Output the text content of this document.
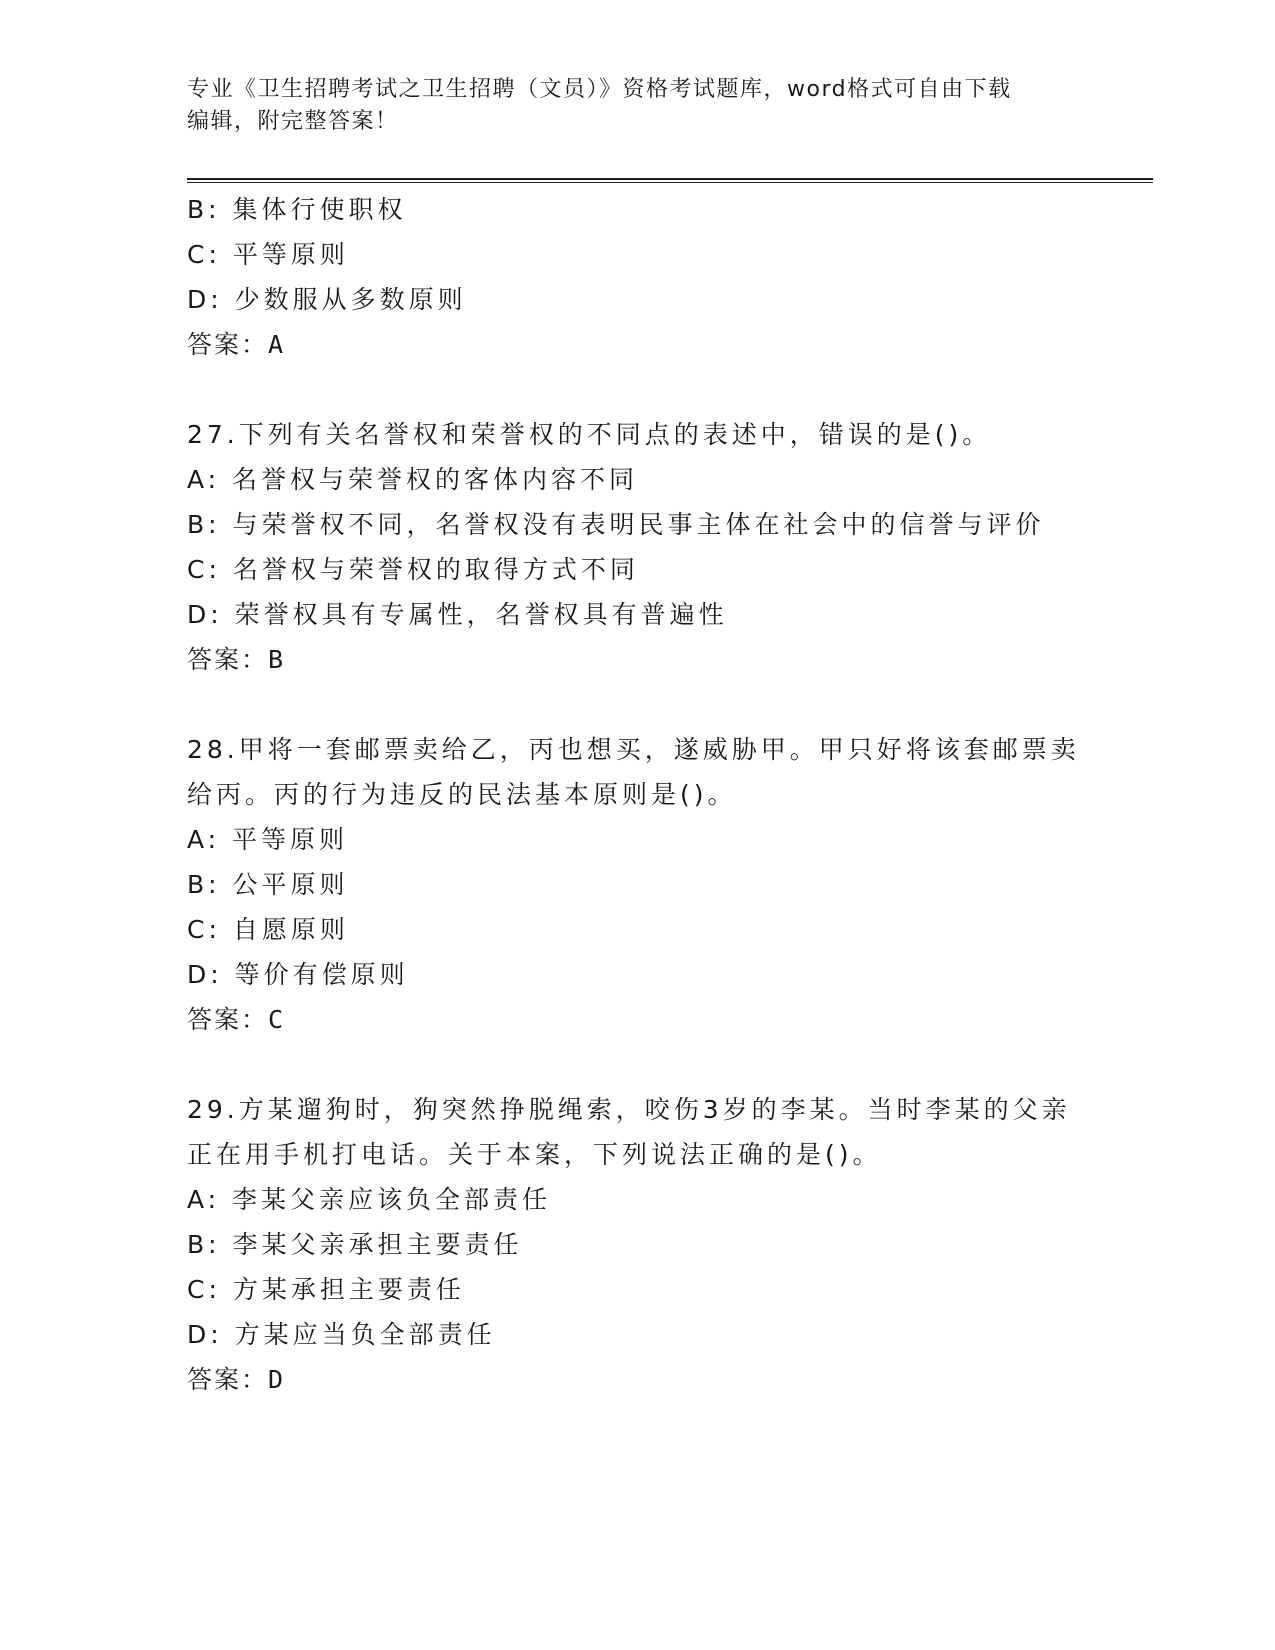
专业《卫生招聘考试之卫生招聘（文员）》资格考试题库，word格式可自由下载
编辑，附完整答案！
B: 集体行使职权
C: 平等原则
D: 少数服从多数原则
答案：A
27.下列有关名誉权和荣誉权的不同点的表述中，错误的是()。
A: 名誉权与荣誉权的客体内容不同
B: 与荣誉权不同，名誉权没有表明民事主体在社会中的信誉与评价
C: 名誉权与荣誉权的取得方式不同
D: 荣誉权具有专属性，名誉权具有普遍性
答案：B
28.甲将一套邮票卖给乙，丙也想买，遂威胁甲。甲只好将该套邮票卖
给丙。丙的行为违反的民法基本原则是()。
A: 平等原则
B: 公平原则
C: 自愿原则
D: 等价有偿原则
答案：C
29.方某遛狗时，狗突然挣脱绳索，咬伤3岁的李某。当时李某的父亲
正在用手机打电话。关于本案，下列说法正确的是()。
A: 李某父亲应该负全部责任
B: 李某父亲承担主要责任
C: 方某承担主要责任
D: 方某应当负全部责任
答案：D
